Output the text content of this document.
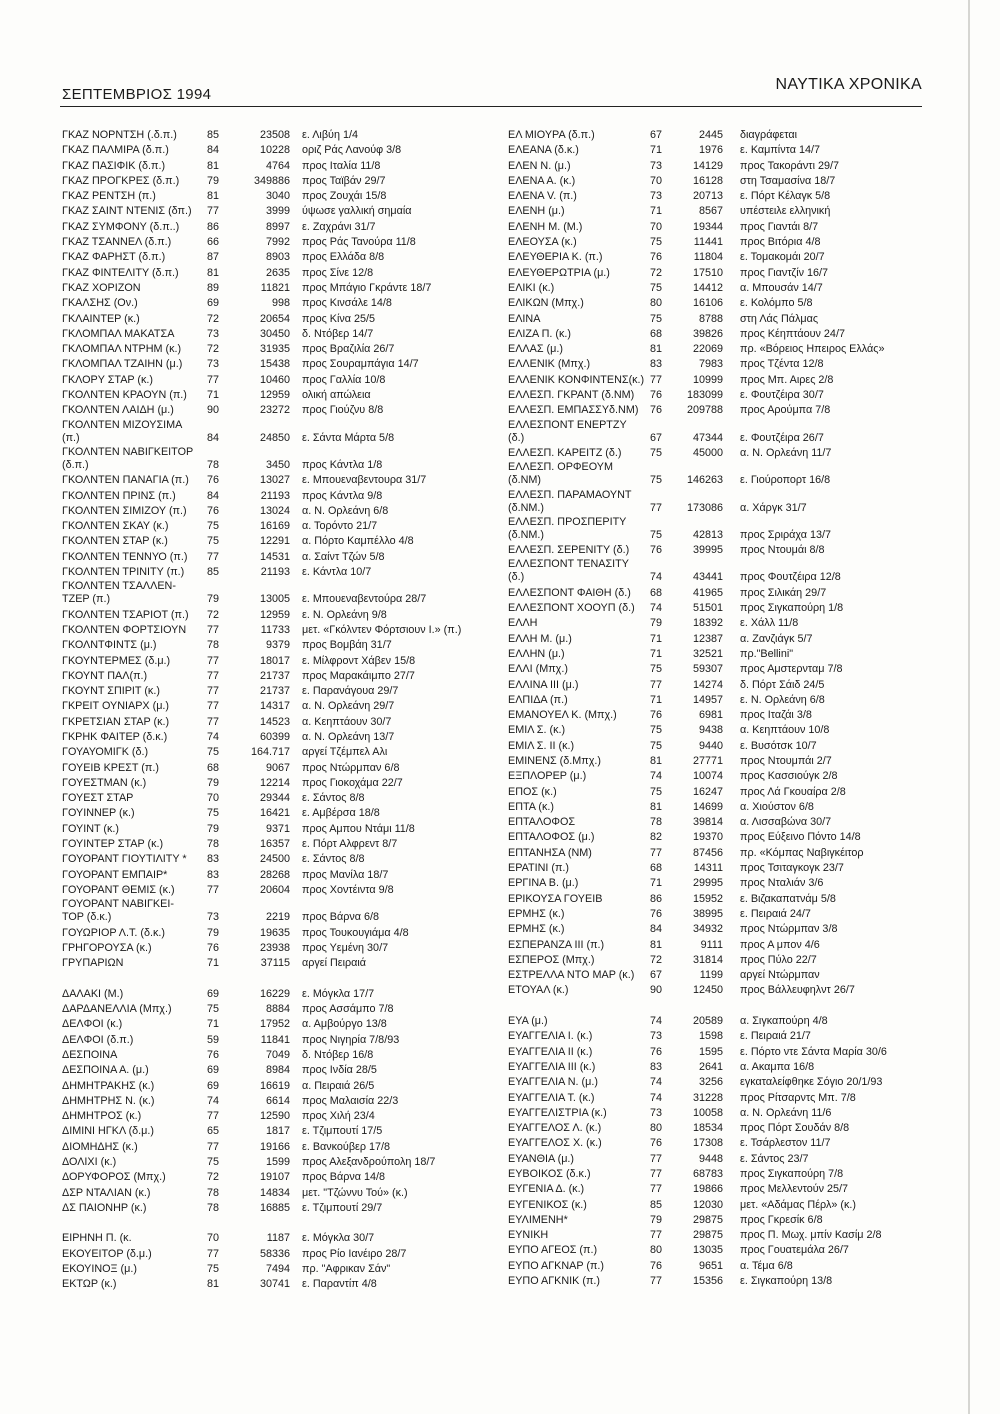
ΣΕΠΤΕΜΒΡΙΟΣ 1994
ΝΑΥΤΙΚΑ ΧΡΟΝΙΚΑ
ΓΚΑΖ ΝΟΡΝΤΣΗ (.δ.π.)	85	23508 ε. Λιβύη 1/4
ΓΚΑΖ ΠΑΛΜΙΡΑ (δ.π.)	84	10228 οριζ Ράς Λανούφ 3/8
ΓΚΑΖ ΠΑΣΙΦΙΚ (δ.π.)	81	4764 προς Ιταλία 11/8
ΓΚΑΖ ΠΡΟΓΚΡΕΣ (δ.π.)	79	349886 προς Ταϊβάν 29/7
ΓΚΑΖ ΡΕΝΤΣΗ (π.)	81	3040 προς Ζουχάι 15/8
ΓΚΑΖ ΣΑΙΝΤ ΝΤΕΝΙΣ (δπ.) 77	3999 ύψωσε γαλλική σημαία
ΓΚΑΖ ΣΥΜΦΟΝΥ (δ.π..)	86	8997 ε. Ζαχράνι 31/7
ΓΚΑΖ ΤΣΑΝΝΕΛ (δ.π.)	66	7992 προς Ράς Τανούρα 11/8
ΓΚΑΖ ΦΑΡΗΣΤ (δ.π.)	87	8903 προς Ελλάδα 8/8
ΓΚΑΖ ΦΙΝΤΕΛΙΤΥ (δ.π.)	81	2635 προς Σίνε 12/8
ΓΚΑΖ ΧΟΡΙΖΟΝ	89	11821 προς Μπάγιο Γκράντε 18/7
ΓΚΑΛΣΗΣ (Ον.)	69	998 προς Κινσάλε 14/8
ΓΚΛΑΙΝΤΕΡ (κ.)	72	20654 προς Κίνα 25/5
ΓΚΛΟΜΠΑΛ ΜΑΚΑΤΣΑ	73	30450 δ. Ντόβερ 14/7
ΓΚΛΟΜΠΑΛ ΝΤΡΗΜ (κ.) 72	31935 προς Βραζιλία 26/7
ΓΚΛΟΜΠΑΛ ΤΖΑΙΗΝ (μ.) 73	15438 προς Σουραμπάγια 14/7
ΓΚΛΟΡΥ ΣΤΑΡ (κ.)	77	10460 προς Γαλλία 10/8
ΓΚΟΛΝΤΕΝ ΚΡΑΟΥΝ (π.) 71	12959 ολική απώλεια
ΓΚΟΛΝΤΕΝ ΛΑΙΔΗ (μ.)	90	23272 προς Γιούζνυ 8/8
ΓΚΟΛΝΤΕΝ ΜΙΖΟΥΣΙΜΑ
(π.)	84	24850 ε. Σάντα Μάρτα 5/8
ΓΚΟΛΝΤΕΝ ΝΑΒΙΓΚΕΙΤΟΡ
(δ.π.)	78	3450 προς Κάντλα 1/8
ΓΚΟΛΝΤΕΝ ΠΑΝΑΓΙΑ (π.) 76	13027 ε. Μπουεναβεντουρα 31/7
ΓΚΟΛΝΤΕΝ ΠΡΙΝΣ (π.)	84	21193 προς Κάντλα 9/8
ΓΚΟΛΝΤΕΝ ΣΙΜΙΖΟΥ (π.) 76	13024 α. Ν. Ορλεάνη 6/8
ΓΚΟΛΝΤΕΝ ΣΚΑΥ (κ.)	75	16169 α. Τορόντο 21/7
ΓΚΟΛΝΤΕΝ ΣΤΑΡ (κ.)	75	12291 α. Πόρτο Καμπέλλο 4/8
ΓΚΟΛΝΤΕΝ ΤΕΝΝΥΟ (π.) 77	14531 α. Σαίντ Τζών 5/8
ΓΚΟΛΝΤΕΝ ΤΡΙΝΙΤΥ (π.) 85	21193 ε. Κάντλα 10/7
ΓΚΟΛΝΤΕΝ ΤΣΑΛΛΕΝ-
ΤΖΕΡ (π.)	79	13005 ε. Μπουεναβεντούρα 28/7
ΓΚΟΛΝΤΕΝ ΤΣΑΡΙΟΤ (π.) 72	12959 ε. Ν. Ορλεάνη 9/8
ΓΚΟΛΝΤΕΝ ΦΟΡΤΣΙΟΥΝ 77	11733 μετ. «Γκόλντεν Φόρτσιουν Ι.» (π.)
ΓΚΟΛΝΤΦΙΝΤΣ (μ.)	78	9379 προς Βομβάη 31/7
ΓΚΟΥΝΤΕΡΜΕΣ (δ.μ.)	77	18017 ε. Μίλφροντ Χάβεν 15/8
ΓΚΟΥΝΤ ΠΑΛ(π.)	77	21737 προς Μαρακάιμπο 27/7
ΓΚΟΥΝΤ ΣΠΙΡΙΤ (κ.)	77	21737 ε. Παρανάγουα 29/7
ΓΚΡΕΙΤ ΟΥΝΙΑΡΧ (μ.)	77	14317 α. Ν. Ορλεάνη 29/7
ΓΚΡΕΤΣΙΑΝ ΣΤΑΡ (κ.)	77	14523 α. Κεηπτάουν 30/7
ΓΚΡΗΚ ΦΑΙΤΕΡ (δ.κ.)	74	60399 α. Ν. Ορλεάνη 13/7
ΓΟΥΑΥΟΜΙΓΚ (δ.)	75	164.717 αργεί Τζέμπελ Αλι
ΓΟΥΕΙΒ ΚΡΕΣΤ (π.)	68	9067 προς Ντώρμπαν 6/8
ΓΟΥΕΣΤΜΑΝ (κ.)	79	12214 προς Γιοκοχάμα 22/7
ΓΟΥΕΣΤ ΣΤΑΡ	70	29344 ε. Σάντος 8/8
ΓΟΥΙΝΝΕΡ (κ.)	75	16421 ε. Αμβέρσα 18/8
ΓΟΥΙΝΤ (κ.)	79	9371 προς Αμπου Ντάμι 11/8
ΓΟΥΙΝΤΕΡ ΣΤΑΡ (κ.)	78	16357 ε. Πόρτ Αλφρεντ 8/7
ΓΟΥΟΡΑΝΤ ΓΙΟΥΤΙΛΙΤΥ * 83	24500 ε. Σάντος 8/8
ΓΟΥΟΡΑΝΤ ΕΜΠΑΙΡ*	83	28268 προς Μανίλα 18/7
ΓΟΥΟΡΑΝΤ ΘΕΜΙΣ (κ.)	77	20604 προς Χοντέιντα 9/8
ΓΟΥΟΡΑΝΤ ΝΑΒΙΓΚΕΙ-
ΤΟΡ (δ.κ.)	73	2219 προς Βάρνα 6/8
ΓΟΥΩΡΙΟΡ Λ.Τ. (δ.κ.)	79	19635 προς Τουκουγιάμα 4/8
ΓΡΗΓΟΡΟΥΣΑ (κ.)	76	23938 προς Υεμένη 30/7
ΓΡΥΠΑΡΙΩΝ	71	37115 αργεί Πειραιά
ΔΑΛΑΚΙ (Μ.)	69	16229 ε. Μόγκλα 17/7
ΔΑΡΔΑΝΕΛΛΙΑ (Μπχ.)	75	8884 προς Ασσάμπο 7/8
ΔΕΛΦΟΙ (κ.)	71	17952 α. Αμβούργο 13/8
ΔΕΛΦΟΙ (δ.π.)	59	11841 προς Νιγηρία 7/8/93
ΔΕΣΠΟΙΝΑ	76	7049 δ. Ντόβερ 16/8
ΔΕΣΠΟΙΝΑ Α. (μ.)	69	8984 προς Ινδία 28/5
ΔΗΜΗΤΡΑΚΗΣ (κ.)	69	16619 α. Πειραιά 26/5
ΔΗΜΗΤΡΗΣ Ν. (κ.)	74	6614 προς Μαλαισία 22/3
ΔΗΜΗΤΡΟΣ (κ.)	77	12590 προς Χιλή 23/4
ΔΙΜΙΝΙ ΗΓΚΛ (δ.μ.)	65	1817 ε. Τζιμπουτί 17/5
ΔΙΟΜΗΔΗΣ (κ.)	77	19166 ε. Βανκούβερ 17/8
ΔΟΛΙΧΙ (κ.)	75	1599 προς Αλεξανδρούπολη 18/7
ΔΟΡΥΦΟΡΟΣ (Μπχ.)	72	19107 προς Βάρνα 14/8
ΔΣΡ ΝΤΑΛΙΑΝ (κ.)	78	14834 μετ. "Τζώννυ Τού» (κ.)
ΔΣ ΠΑΙΟΝΗΡ (κ.)	78	16885 ε. Τζιμπουτί 29/7
ΕΙΡΗΝΗ Π. (κ.	70	1187 ε. Μόγκλα 30/7
ΕΚΟΥΕΙΤΟΡ (δ.μ.)	77	58336 προς Ρίο Ιανέιρο 28/7
ΕΚΟΥΙΝΟΞ (μ.)	75	7494 πρ. "Αφρικαν Σάν"
ΕΚΤΩΡ (κ.)	81	30741 ε. Παραντίπ 4/8
ΕΛ ΜΙΟΥΡΑ (δ.π.)	67	2445 διαγράφεται
ΕΛΕΑΝΑ (δ.κ.)	71	1976 ε. Καμπίντα 14/7
ΕΛΕΝ Ν. (μ.)	73	14129 προς Τακοράντι 29/7
ΕΛΕΝΑ Α. (κ.)	70	16128 στη Τσαμασίνα 18/7
ΕΛΕΝΑ V. (π.)	73	20713 ε. Πόρτ Κέλαγκ 5/8
ΕΛΕΝΗ (μ.)	71	8567 υπέστειλε ελληνική
ΕΛΕΝΗ Μ. (Μ.)	70	19344 προς Γιαντάι 8/7
ΕΛΕΟΥΣΑ (κ.)	75	11441 προς Βιτόρια 4/8
ΕΛΕΥΘΕΡΙΑ Κ. (π.)	76	11804 ε. Τομακομάι 20/7
ΕΛΕΥΘΕΡΩΤΡΙΑ (μ.)	72	17510 προς Γιαντζίν 16/7
ΕΛΙΚΙ (κ.)	75	14412 α. Μπουσάν 14/7
ΕΛΙΚΩΝ (Μπχ.)	80	16106 ε. Κολόμπο 5/8
ΕΛΙΝΑ	75	8788 στη Λάς Πάλμας
ΕΛΙΖΑ Π. (κ.)	68	39826 προς Κέηπτάουν 24/7
ΕΛΛΑΣ (μ.)	81	22069 πρ. «Βόρειος Ηπειρος Ελλάς»
ΕΛΛΕΝΙΚ (Μπχ.)	83	7983 προς Τζέντα 12/8
ΕΛΛΕΝΙΚ ΚΟΝΦΙΝΤΕΝΣ(κ.) 77	10999 προς Μπ. Αιρες 2/8
ΕΛΛΕΣΠ. ΓΚΡΑΝΤ (δ.ΝΜ) 76	183099 ε. Φουτζέιρα 30/7
ΕΛΛΕΣΠ. ΕΜΠΑΣΣΥδ.ΝΜ) 76	209788 προς Αρούμπα 7/8
ΕΛΛΕΣΠΟΝΤ ΕΝΕΡΤΖΥ
(δ.)	67	47344 ε. Φουτζέιρα 26/7
ΕΛΛΕΣΠ. ΚΑΡΕΙΤΖ (δ.)	75	45000 α. Ν. Ορλεάνη 11/7
ΕΛΛΕΣΠ. ΟΡΦΕΟΥΜ
(δ.ΝΜ)	75	146263 ε. Γιούροπορτ 16/8
ΕΛΛΕΣΠ. ΠΑΡΑΜΑΟΥΝΤ
(δ.ΝΜ.)	77	173086 α. Χάργκ 31/7
ΕΛΛΕΣΠ. ΠΡΟΣΠΕΡΙΤΥ
(δ.ΝΜ.)	75	42813 προς Σριράχα 13/7
ΕΛΛΕΣΠ. ΣΕΡΕΝΙΤΥ (δ.) 76	39995 προς Ντουμάι 8/8
ΕΛΛΕΣΠΟΝΤ ΤΕΝΑΣΙΤΥ
(δ.)	74	43441 προς Φουτζέιρα 12/8
ΕΛΛΕΣΠΟΝΤ ΦΑΙΘΗ (δ.) 68	41965 προς Σιλικάη 29/7
ΕΛΛΕΣΠΟΝΤ ΧΟΟΥΠ (δ.) 74	51501 προς Σιγκαπούρη 1/8
ΕΛΛΗ	79	18392 ε. Χάλλ 11/8
ΕΛΛΗ Μ. (μ.)	71	12387 α. Ζανζιάγκ 5/7
ΕΛΛΗΝ (μ.)	71	32521 πρ."Bellini"
ΕΛΛΙ (Μπχ.)	75	59307 προς Αμστερνταμ 7/8
ΕΛΛΙΝΑ ΙΙΙ (μ.)	77	14274 δ. Πόρτ Σάιδ 24/5
ΕΛΠΙΔΑ (π.)	71	14957 ε. Ν. Ορλεάνη 6/8
ΕΜΑΝΟΥΕΛ Κ. (Μπχ.)	76	6981 προς Ιταζάι 3/8
ΕΜΙΛ Σ. (κ.)	75	9438 α. Κεηπτάουν 10/8
ΕΜΙΛ Σ. ΙΙ (κ.)	75	9440 ε. Βυσότσκ 10/7
ΕΜΙΝΕΝΣ (δ.Μπχ.)	81	27771 προς Ντουμπάι 2/7
ΕΞΠΛΟΡΕΡ (μ.)	74	10074 προς Κασσιούγκ 2/8
ΕΠΟΣ (κ.)	75	16247 προς Λά Γκουαίρα 2/8
ΕΠΤΑ (κ.)	81	14699 α. Χιούστον 6/8
ΕΠΤΑΛΟΦΟΣ	78	39814 α. Λισσαβώνα 30/7
ΕΠΤΑΛΟΦΟΣ (μ.)	82	19370 προς Εύξεινο Πόντο 14/8
ΕΠΤΑΝΗΣΑ (ΝΜ)	77	87456 πρ. «Κόμπας Ναβιγκέιτορ
ΕΡΑΤΙΝΙ (π.)	68	14311 προς Τσιταγκογκ 23/7
ΕΡΓΙΝΑ Β. (μ.)	71	29995 προς Νταλιάν 3/6
ΕΡΙΚΟΥΣΑ ΓΟΥΕΙΒ	86	15952 ε. Βιζακαπατνάμ 5/8
ΕΡΜΗΣ (κ.)	76	38995 ε. Πειραιά 24/7
ΕΡΜΗΣ (κ.)	84	34932 προς Ντώρμπαν 3/8
ΕΣΠΕΡΑΝΖΑ ΙΙΙ (π.)	81	9111 προς Α μπον 4/6
ΕΣΠΕΡΟΣ (Μπχ.)	72	31814 προς Πύλο 22/7
ΕΣΤΡΕΛΛΑ ΝΤΟ ΜΑΡ (κ.) 67	1199 αργεί Ντώρμπαν
ΕΤΟΥΑΛ (κ.)	90	12450 προς Βάλλευφηλντ 26/7
ΕΥΑ (μ.)	74	20589 α. Σιγκαπούρη 4/8
ΕΥΑΓΓΕΛΙΑ Ι. (κ.)	73	1598 ε. Πειραιά 21/7
ΕΥΑΓΓΕΛΙΑ ΙΙ (κ.)	76	1595 ε. Πόρτο ντε Σάντα Μαρία 30/6
ΕΥΑΓΓΕΛΙΑ ΙΙΙ (κ.)	83	2641 α. Ακαμπα 16/8
ΕΥΑΓΓΕΛΙΑ Ν. (μ.)	74	3256 εγκαταλείφθηκε Σόγιο 20/1/93
ΕΥΑΓΓΕΛΙΑ Τ. (κ.)	74	31228 προς Ρίτσαρντς Μπ. 7/8
ΕΥΑΓΓΕΛΙΣΤΡΙΑ (κ.)	73	10058 α. Ν. Ορλεάνη 11/6
ΕΥΑΓΓΕΛΟΣ Λ. (κ.)	80	18534 προς Πόρτ Σουδάν 8/8
ΕΥΑΓΓΕΛΟΣ Χ. (κ.)	76	17308 ε. Τσάρλεστον 11/7
ΕΥΑΝΘΙΑ (μ.)	77	9448 ε. Σάντος 23/7
ΕΥΒΟΙΚΟΣ (δ.κ.)	77	68783 προς Σιγκαπούρη 7/8
ΕΥΓΕΝΙΑ Δ. (κ.)	77	19866 προς Μελλεντούν 25/7
ΕΥΓΕΝΙΚΟΣ (κ.)	85	12030 μετ. «Αδάμας Πέρλ» (κ.)
ΕΥΛΙΜΕΝΗ*	79	29875 προς Γκρεσίκ 6/8
ΕΥΝΙΚΗ	77	29875 προς Π. Μωχ. μπίν Κασίμ 2/8
ΕΥΠΟ ΑΓΕΟΣ (π.)	80	13035 προς Γουατεμάλα 26/7
ΕΥΠΟ ΑΓΚΝΑΡ (π.)	76	9651 α. Τέμα 6/8
ΕΥΠΟ ΑΓΚΝΙΚ (π.)	77	15356 ε. Σιγκαπούρη 13/8
